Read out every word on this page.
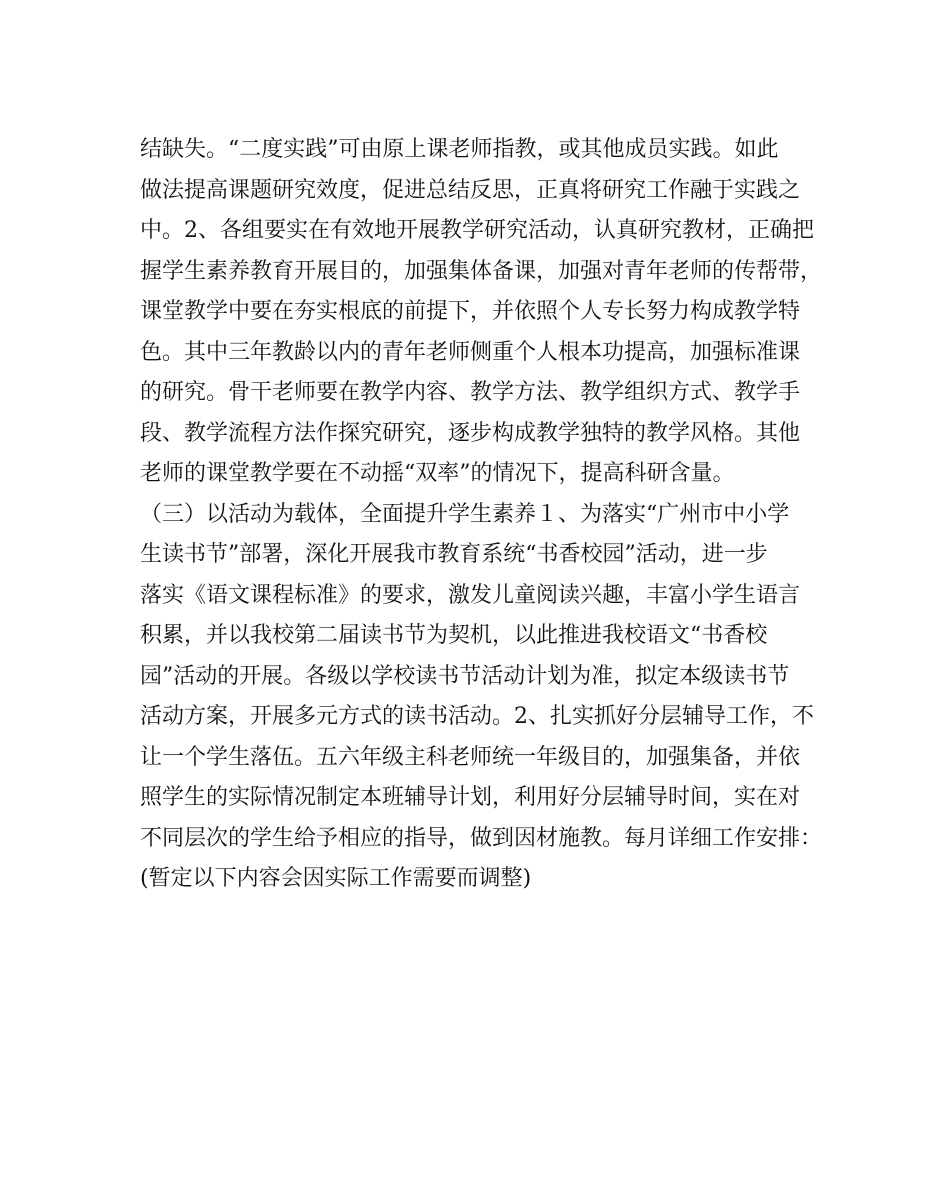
结缺失。“二度实践”可由原上课老师指教，或其他成员实践。如此
做法提高课题研究效度，促进总结反思，正真将研究工作融于实践之
中。2、各组要实在有效地开展教学研究活动，认真研究教材，正确把
握学生素养教育开展目的，加强集体备课，加强对青年老师的传帮带，
课堂教学中要在夯实根底的前提下，并依照个人专长努力构成教学特
色。其中三年教龄以内的青年老师侧重个人根本功提高，加强标准课
的研究。骨干老师要在教学内容、教学方法、教学组织方式、教学手
段、教学流程方法作探究研究，逐步构成教学独特的教学风格。其他
老师的课堂教学要在不动摇“双率”的情况下，提高科研含量。
（三）以活动为载体，全面提升学生素养１、为落实“广州市中小学
生读书节”部署，深化开展我市教育系统“书香校园”活动，进一步
落实《语文课程标准》的要求，激发儿童阅读兴趣，丰富小学生语言
积累，并以我校第二届读书节为契机，以此推进我校语文“书香校
园”活动的开展。各级以学校读书节活动计划为准，拟定本级读书节
活动方案，开展多元方式的读书活动。2、扎实抓好分层辅导工作，不
让一个学生落伍。五六年级主科老师统一年级目的，加强集备，并依
照学生的实际情况制定本班辅导计划，利用好分层辅导时间，实在对
不同层次的学生给予相应的指导，做到因材施教。每月详细工作安排：
(暂定以下内容会因实际工作需要而调整)
